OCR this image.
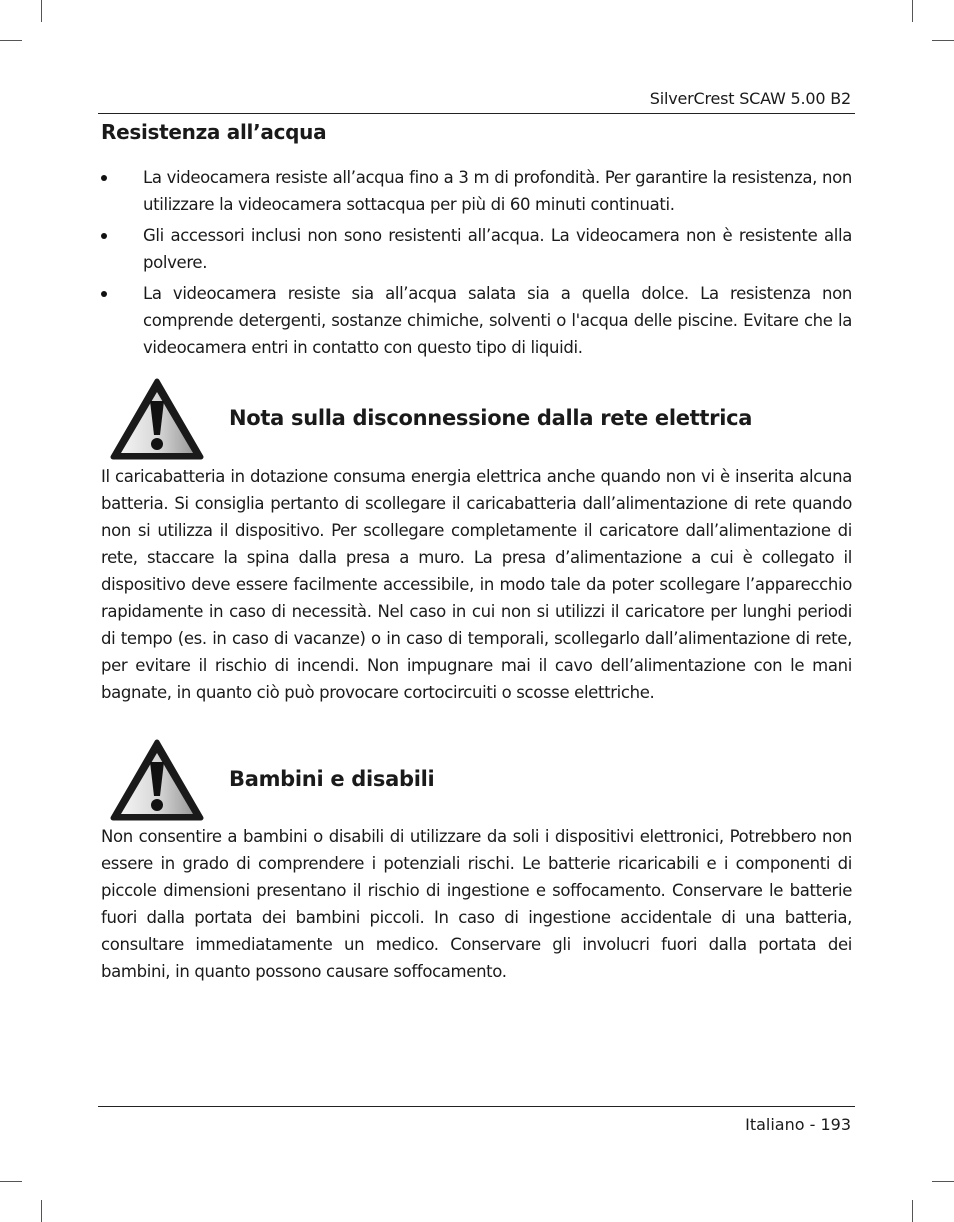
SilverCrest SCAW 5.00 B2
Resistenza all’acqua
La videocamera resiste all’acqua fino a 3 m di profondità. Per garantire la resistenza, non utilizzare la videocamera sottacqua per più di 60 minuti continuati.
Gli accessori inclusi non sono resistenti all’acqua. La videocamera non è resistente alla polvere.
La videocamera resiste sia all’acqua salata sia a quella dolce. La resistenza non comprende detergenti, sostanze chimiche, solventi o l'acqua delle piscine. Evitare che la videocamera entri in contatto con questo tipo di liquidi.
Nota sulla disconnessione dalla rete elettrica

Il caricabatteria in dotazione consuma energia elettrica anche quando non vi è inserita alcuna batteria. Si consiglia pertanto di scollegare il caricabatteria dall’alimentazione di rete quando non si utilizza il dispositivo. Per scollegare completamente il caricatore dall’alimentazione di rete, staccare la spina dalla presa a muro. La presa d’alimentazione a cui è collegato il dispositivo deve essere facilmente accessibile, in modo tale da poter scollegare l’apparecchio rapidamente in caso di necessità. Nel caso in cui non si utilizzi il caricatore per lunghi periodi di tempo (es. in caso di vacanze) o in caso di temporali, scollegarlo dall’alimentazione di rete, per evitare il rischio di incendi. Non impugnare mai il cavo dell’alimentazione con le mani bagnate, in quanto ciò può provocare cortocircuiti o scosse elettriche.

Bambini e disabili

Non consentire a bambini o disabili di utilizzare da soli i dispositivi elettronici, Potrebbero non essere in grado di comprendere i potenziali rischi. Le batterie ricaricabili e i componenti di piccole dimensioni presentano il rischio di ingestione e soffocamento. Conservare le batterie fuori dalla portata dei bambini piccoli. In caso di ingestione accidentale di una batteria, consultare immediatamente un medico. Conservare gli involucri fuori dalla portata dei bambini, in quanto possono causare soffocamento.

Italiano - 193
